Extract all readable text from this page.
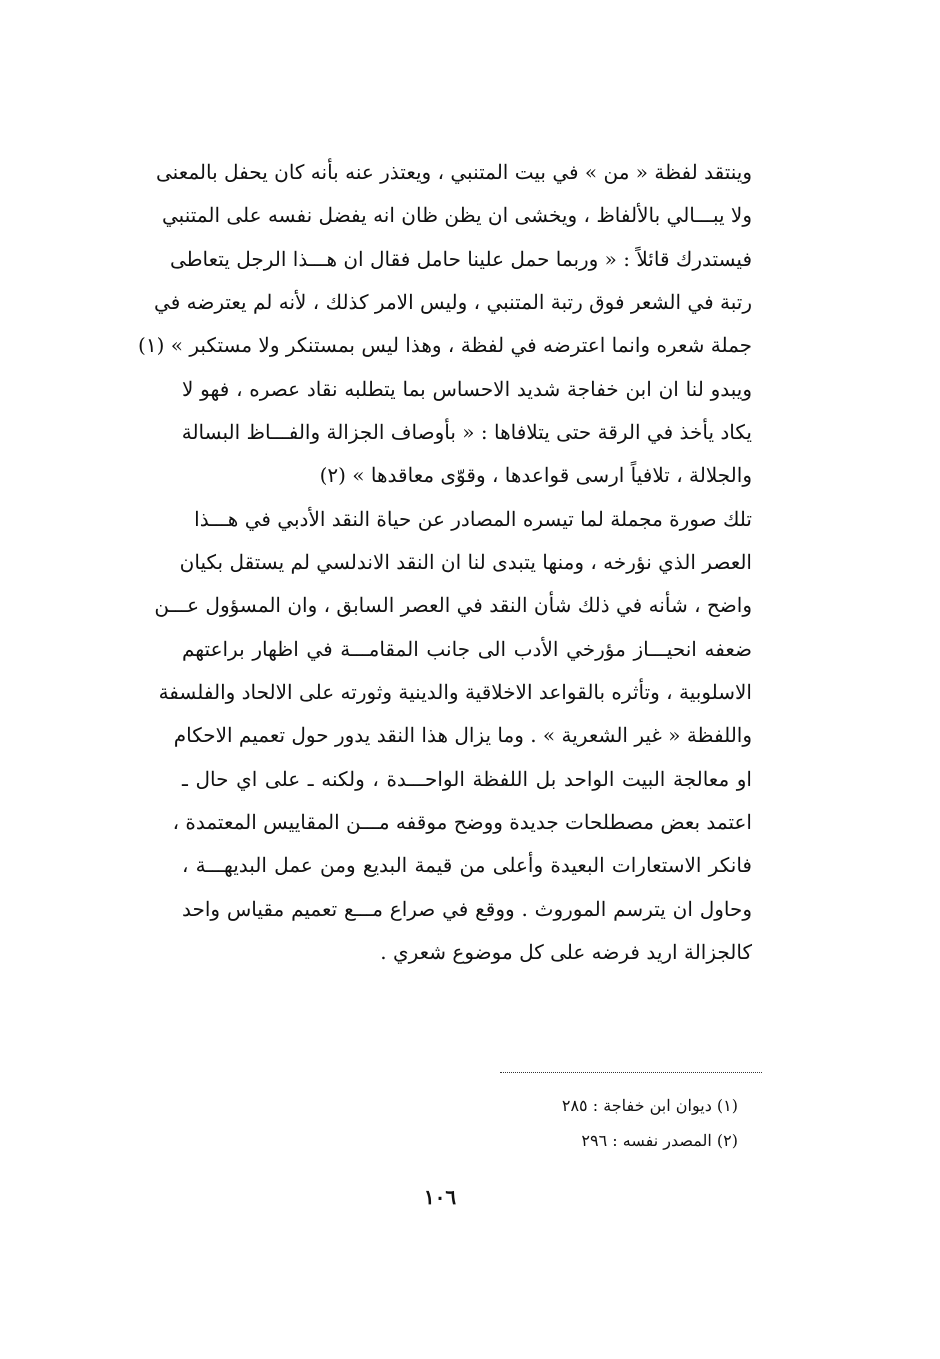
وينتقد لفظة « من » في بيت المتنبي ، ويعتذر عنه بأنه كان يحفل بالمعنى
ولا يبـــالي بالألفاظ ، ويخشى ان يظن ظان انه يفضل نفسه على المتنبي
فيستدرك قائلاً : « وربما حمل علينا حامل فقال ان هـــذا الرجل يتعاطى
رتبة في الشعر فوق رتبة المتنبي ، وليس الامر كذلك ، لأنه لم يعترضه في
جملة شعره وانما اعترضه في لفظة ، وهذا ليس بمستنكر ولا مستكبر » (١)
ويبدو لنا ان ابن خفاجة شديد الاحساس بما يتطلبه نقاد عصره ، فهو لا
يكاد يأخذ في الرقة حتى يتلافاها : « بأوصاف الجزالة والفـــاظ البسالة
والجلالة ، تلافياً ارسى قواعدها ، وقوّى معاقدها » (٢)
تلك صورة مجملة لما تيسره المصادر عن حياة النقد الأدبي في هـــذا
العصر الذي نؤرخه ، ومنها يتبدى لنا ان النقد الاندلسي لم يستقل بكيان
واضح ، شأنه في ذلك شأن النقد في العصر السابق ، وان المسؤول عـــن
ضعفه انحيـــاز مؤرخي الأدب الى جانب المقامـــة في اظهار براعتهم
الاسلوبية ، وتأثره بالقواعد الاخلاقية والدينية وثورته على الالحاد والفلسفة
واللفظة « غير الشعرية » . وما يزال هذا النقد يدور حول تعميم الاحكام
او معالجة البيت الواحد بل اللفظة الواحـــدة ، ولكنه ـ على اي حال ـ
اعتمد بعض مصطلحات جديدة ووضح موقفه مـــن المقاييس المعتمدة ،
فانكر الاستعارات البعيدة وأعلى من قيمة البديع ومن عمل البديهـــة ،
وحاول ان يترسم الموروث . ووقع في صراع مـــع تعميم مقياس واحد
كالجزالة اريد فرضه على كل موضوع شعري .
(١) ديوان ابن خفاجة : ٢٨٥
(٢) المصدر نفسه : ٢٩٦
١٠٦
